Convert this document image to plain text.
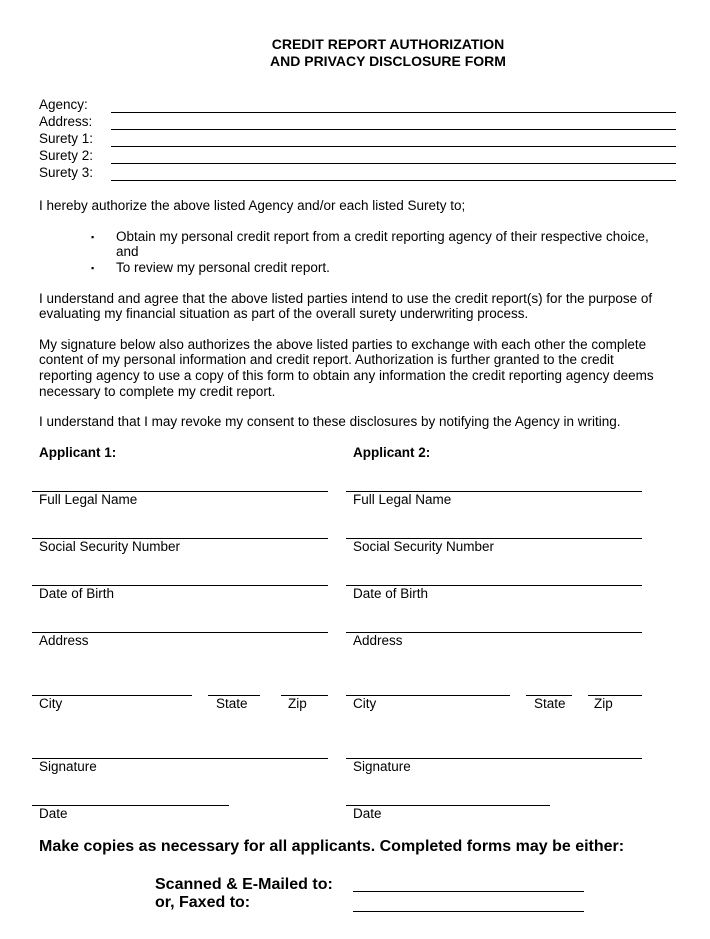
CREDIT REPORT AUTHORIZATION
AND PRIVACY DISCLOSURE FORM
Agency:
Address:
Surety 1:
Surety 2:
Surety 3:
I hereby authorize the above listed Agency and/or each listed Surety to;
▪ Obtain my personal credit report from a credit reporting agency of their respective choice,
and
▪ To review my personal credit report.
I understand and agree that the above listed parties intend to use the credit report(s) for the purpose of
evaluating my financial situation as part of the overall surety underwriting process.
My signature below also authorizes the above listed parties to exchange with each other the complete
content of my personal information and credit report. Authorization is further granted to the credit
reporting agency to use a copy of this form to obtain any information the credit reporting agency deems
necessary to complete my credit report.
I understand that I may revoke my consent to these disclosures by notifying the Agency in writing.
Applicant 1:
Full Legal Name
Social Security Number
Date of Birth
Address
City	State	Zip
Signature
Date
Applicant 2:
Full Legal Name
Social Security Number
Date of Birth
Address
City	State Zip
Signature
Date
Make copies as necessary for all applicants. Completed forms may be either:
Scanned & E-Mailed to:
or, Faxed to:
